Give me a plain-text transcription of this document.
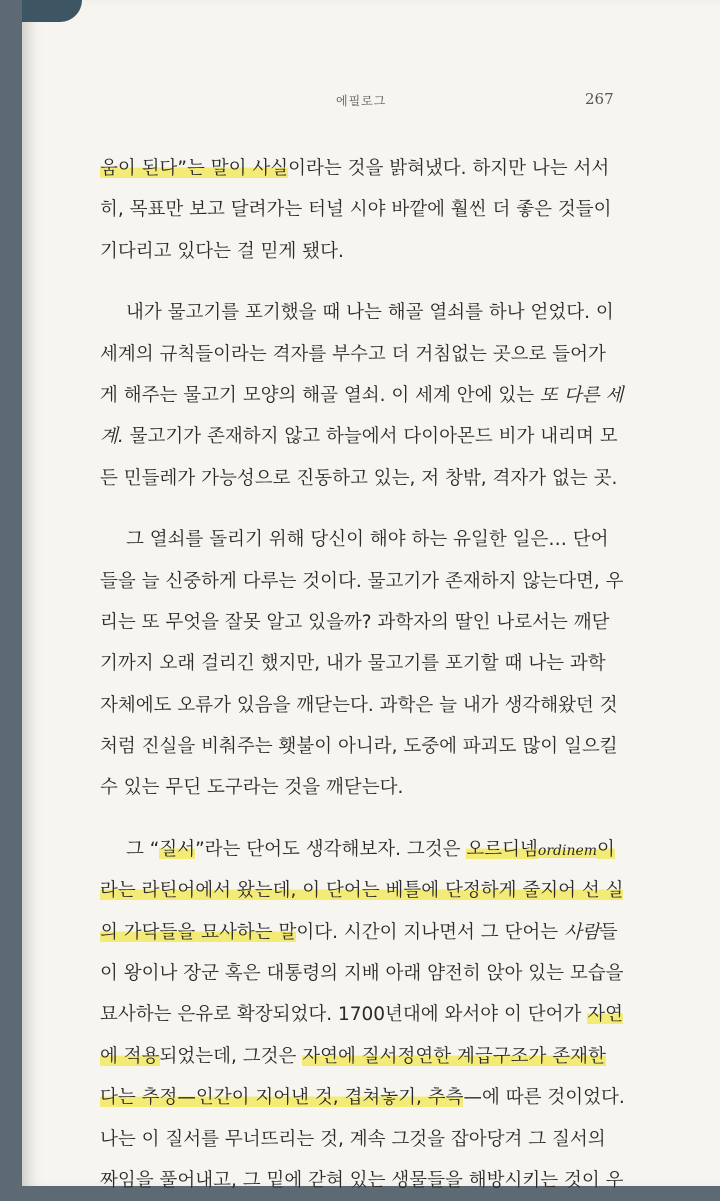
에필로그	267
움이 된다”는 말이 사실이라는 것을 밝혀냈다. 하지만 나는 서서
히, 목표만 보고 달려가는 터널 시야 바깥에 훨씬 더 좋은 것들이
기다리고 있다는 걸 믿게 됐다.
내가 물고기를 포기했을 때 나는 해골 열쇠를 하나 얻었다. 이
세계의 규칙들이라는 격자를 부수고 더 거침없는 곳으로 들어가
게 해주는 물고기 모양의 해골 열쇠. 이 세계 안에 있는 또 다른 세
계. 물고기가 존재하지 않고 하늘에서 다이아몬드 비가 내리며 모
든 민들레가 가능성으로 진동하고 있는, 저 창밖, 격자가 없는 곳.
그 열쇠를 돌리기 위해 당신이 해야 하는 유일한 일은… 단어
들을 늘 신중하게 다루는 것이다. 물고기가 존재하지 않는다면, 우
리는 또 무엇을 잘못 알고 있을까? 과학자의 딸인 나로서는 깨닫
기까지 오래 걸리긴 했지만, 내가 물고기를 포기할 때 나는 과학
자체에도 오류가 있음을 깨닫는다. 과학은 늘 내가 생각해왔던 것
처럼 진실을 비춰주는 횃불이 아니라, 도중에 파괴도 많이 일으킬
수 있는 무딘 도구라는 것을 깨닫는다.
그 “질서”라는 단어도 생각해보자. 그것은 오르디넴ordinem이
라는 라틴어에서 왔는데, 이 단어는 베틀에 단정하게 줄지어 선 실
의 가닥들을 묘사하는 말이다. 시간이 지나면서 그 단어는 사람들
이 왕이나 장군 혹은 대통령의 지배 아래 얌전히 앉아 있는 모습을
묘사하는 은유로 확장되었다. 1700년대에 와서야 이 단어가 자연
에 적용되었는데, 그것은 자연에 질서정연한 계급구조가 존재한
다는 추정—인간이 지어낸 것, 겹쳐놓기, 추측—에 따른 것이었다.
나는 이 질서를 무너뜨리는 것, 계속 그것을 잡아당겨 그 질서의
짜임을 풀어내고, 그 밑에 갇혀 있는 생물들을 해방시키는 것이 우
